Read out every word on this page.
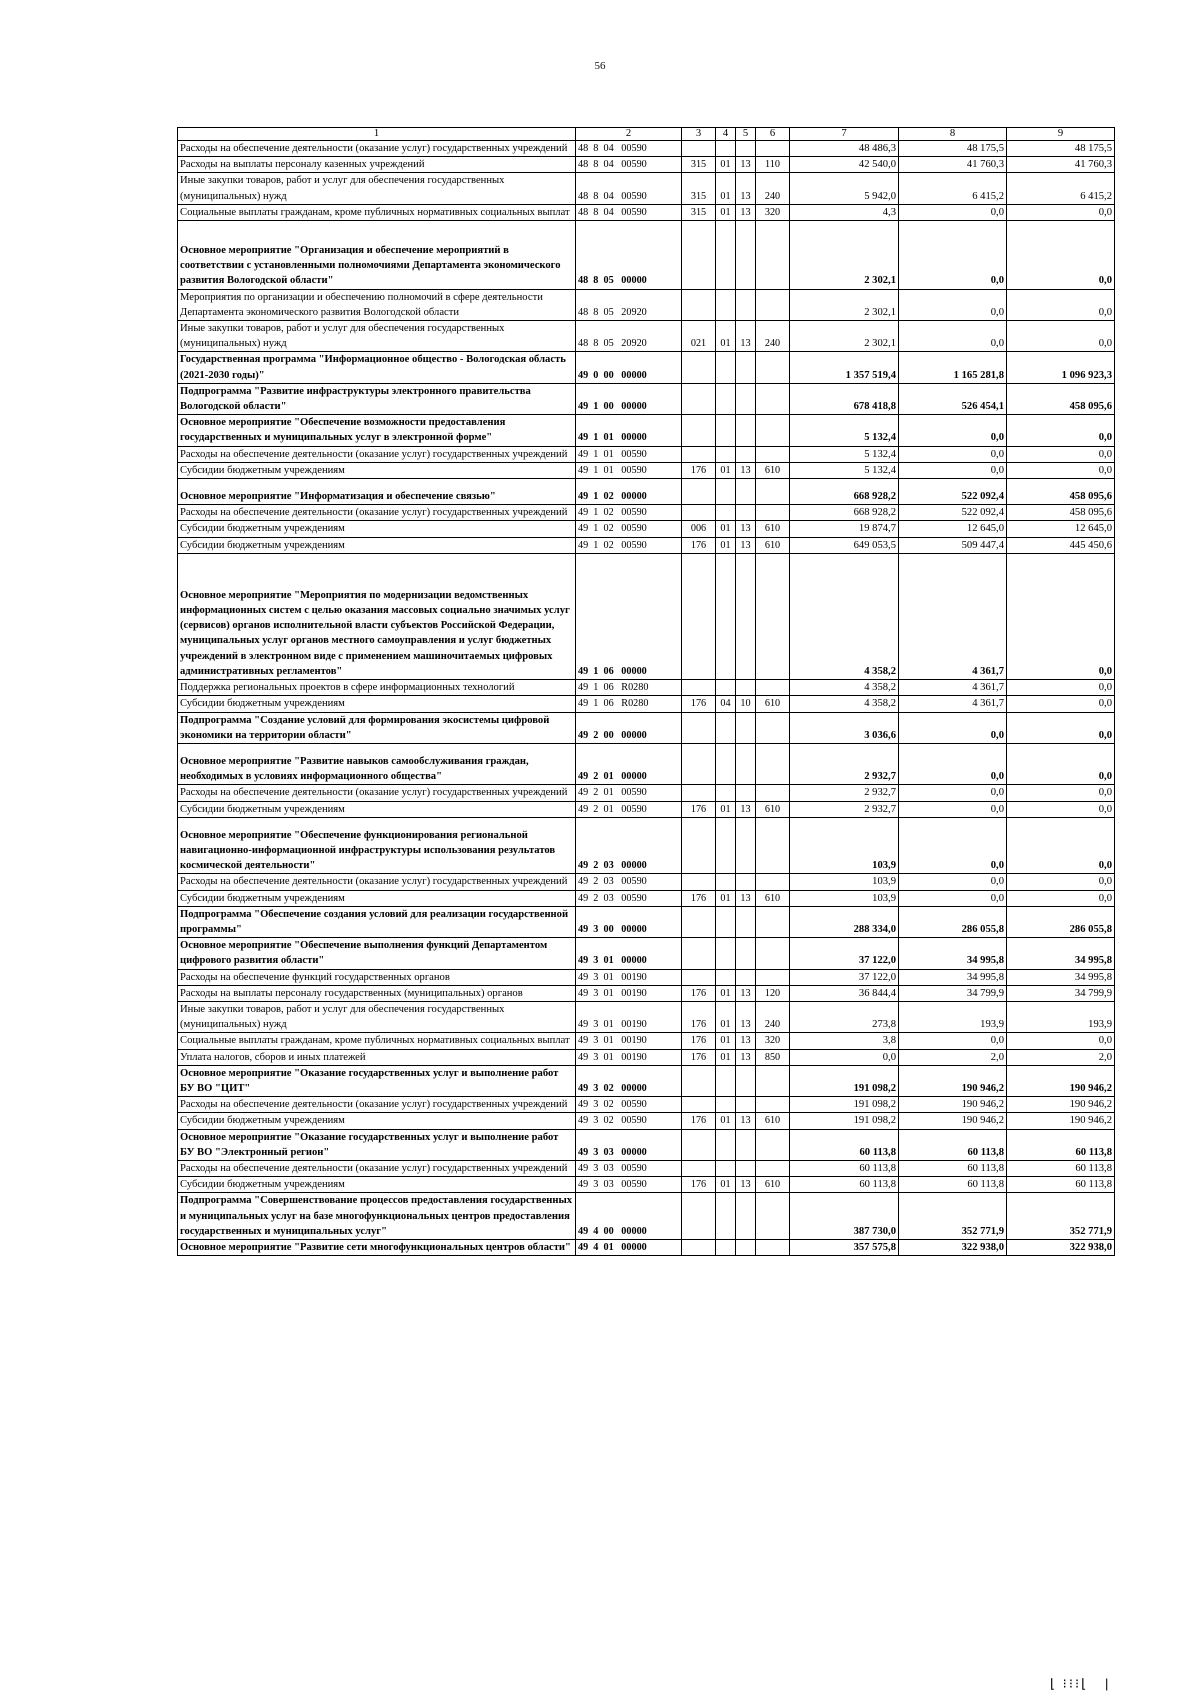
56
1	2	3	4	5	6	7	8	9
Расходы на обеспечение деятельности (оказание услуг) государственных учреждений	48  8  04   00590					48 486,3	48 175,5	48 175,5
Расходы на выплаты персоналу казенных учреждений	48  8  04   00590	315	01	13	110	42 540,0	41 760,3	41 760,3
Иные закупки товаров, работ и услуг для обеспечения государственных (муниципальных) нужд	48  8  04   00590	315	01	13	240	5 942,0	6 415,2	6 415,2
Социальные выплаты гражданам, кроме публичных нормативных социальных выплат	48  8  04   00590	315	01	13	320	4,3	0,0	0,0
Основное мероприятие "Организация и обеспечение мероприятий в соответствии с установленными полномочиями Департамента экономического развития Вологодской области"	48  8  05   00000					2 302,1	0,0	0,0
Мероприятия по организации и обеспечению полномочий в сфере деятельности Департамента экономического развития Вологодской области	48  8  05   20920					2 302,1	0,0	0,0
Иные закупки товаров, работ и услуг для обеспечения государственных (муниципальных) нужд	48  8  05   20920	021	01	13	240	2 302,1	0,0	0,0
Государственная программа "Информационное общество - Вологодская область (2021-2030 годы)"	49  0  00   00000					1 357 519,4	1 165 281,8	1 096 923,3
Подпрограмма "Развитие инфраструктуры электронного правительства Вологодской области"	49  1  00   00000					678 418,8	526 454,1	458 095,6
Основное мероприятие "Обеспечение возможности предоставления государственных и муниципальных услуг в электронной форме"	49  1  01   00000					5 132,4	0,0	0,0
Расходы на обеспечение деятельности (оказание услуг) государственных учреждений	49  1  01   00590					5 132,4	0,0	0,0
Субсидии бюджетным учреждениям	49  1  01   00590	176	01	13	610	5 132,4	0,0	0,0
Основное мероприятие "Информатизация и обеспечение связью"	49  1  02   00000					668 928,2	522 092,4	458 095,6
Расходы на обеспечение деятельности (оказание услуг) государственных учреждений	49  1  02   00590					668 928,2	522 092,4	458 095,6
Субсидии бюджетным учреждениям	49  1  02   00590	006	01	13	610	19 874,7	12 645,0	12 645,0
Субсидии бюджетным учреждениям	49  1  02   00590	176	01	13	610	649 053,5	509 447,4	445 450,6
Основное мероприятие "Мероприятия по модернизации ведомственных информационных систем с целью оказания массовых социально значимых услуг (сервисов) органов исполнительной власти субъектов Российской Федерации, муниципальных услуг органов местного самоуправления и услуг бюджетных учреждений в электронном виде с применением машиночитаемых цифровых административных регламентов"	49  1  06   00000					4 358,2	4 361,7	0,0
Поддержка региональных проектов в сфере информационных технологий	49  1  06   R0280					4 358,2	4 361,7	0,0
Субсидии бюджетным учреждениям	49  1  06   R0280	176	04	10	610	4 358,2	4 361,7	0,0
Подпрограмма "Создание условий для формирования экосистемы цифровой экономики на территории области"	49  2  00   00000					3 036,6	0,0	0,0
Основное мероприятие "Развитие навыков самообслуживания граждан, необходимых в условиях информационного общества"	49  2  01   00000					2 932,7	0,0	0,0
Расходы на обеспечение деятельности (оказание услуг) государственных учреждений	49  2  01   00590					2 932,7	0,0	0,0
Субсидии бюджетным учреждениям	49  2  01   00590	176	01	13	610	2 932,7	0,0	0,0
Основное мероприятие "Обеспечение функционирования региональной навигационно-информационной инфраструктуры использования результатов космической деятельности"	49  2  03   00000					103,9	0,0	0,0
Расходы на обеспечение деятельности (оказание услуг) государственных учреждений	49  2  03   00590					103,9	0,0	0,0
Субсидии бюджетным учреждениям	49  2  03   00590	176	01	13	610	103,9	0,0	0,0
Подпрограмма "Обеспечение создания условий для реализации государственной программы"	49  3  00   00000					288 334,0	286 055,8	286 055,8
Основное мероприятие "Обеспечение выполнения функций Департаментом цифрового развития области"	49  3  01   00000					37 122,0	34 995,8	34 995,8
Расходы на обеспечение функций государственных органов	49  3  01   00190					37 122,0	34 995,8	34 995,8
Расходы на выплаты персоналу государственных (муниципальных) органов	49  3  01   00190	176	01	13	120	36 844,4	34 799,9	34 799,9
Иные закупки товаров, работ и услуг для обеспечения государственных (муниципальных) нужд	49  3  01   00190	176	01	13	240	273,8	193,9	193,9
Социальные выплаты гражданам, кроме публичных нормативных социальных выплат	49  3  01   00190	176	01	13	320	3,8	0,0	0,0
Уплата налогов, сборов и иных платежей	49  3  01   00190	176	01	13	850	0,0	2,0	2,0
Основное мероприятие "Оказание государственных услуг и выполнение работ БУ ВО "ЦИТ"	49  3  02   00000					191 098,2	190 946,2	190 946,2
Расходы на обеспечение деятельности (оказание услуг) государственных учреждений	49  3  02   00590					191 098,2	190 946,2	190 946,2
Субсидии бюджетным учреждениям	49  3  02   00590	176	01	13	610	191 098,2	190 946,2	190 946,2
Основное мероприятие "Оказание государственных услуг и выполнение работ БУ ВО "Электронный регион"	49  3  03   00000					60 113,8	60 113,8	60 113,8
Расходы на обеспечение деятельности (оказание услуг) государственных учреждений	49  3  03   00590					60 113,8	60 113,8	60 113,8
Субсидии бюджетным учреждениям	49  3  03   00590	176	01	13	610	60 113,8	60 113,8	60 113,8
Подпрограмма "Совершенствование процессов предоставления государственных и муниципальных услуг на базе многофункциональных центров предоставления государственных и муниципальных услуг"	49  4  00   00000					387 730,0	352 771,9	352 771,9
Основное мероприятие "Развитие сети многофункциональных центров области"	49  4  01   00000					357 575,8	322 938,0	322 938,0
⌊ ⁝⁝⁝⌊   |
